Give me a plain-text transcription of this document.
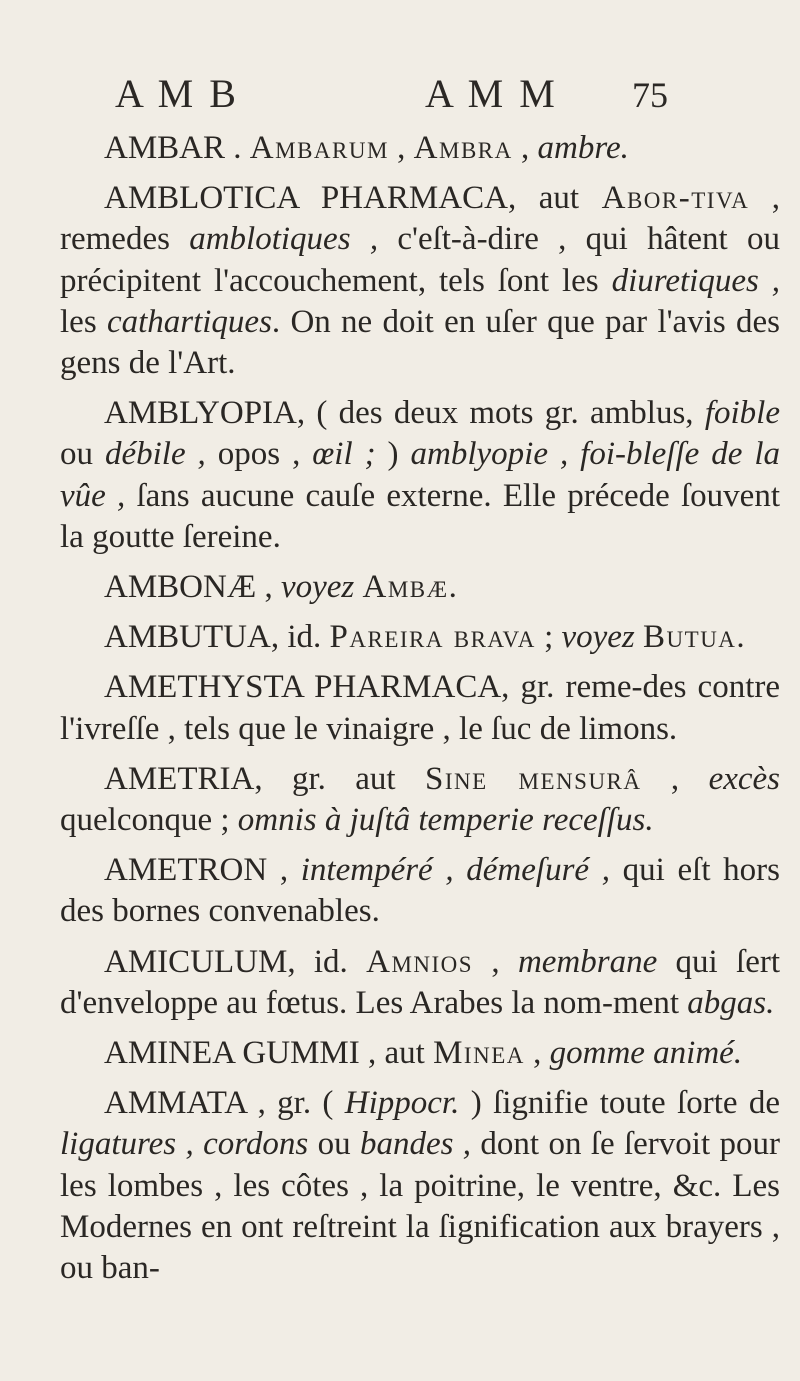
A M B	A M M 75

AMBAR . Ambarum , Ambra , ambre.

AMBLOTICA PHARMACA, aut Abor-tiva , remedes amblotiques , c'eſt-à-dire , qui hâtent ou précipitent l'accouchement, tels ſont les diuretiques , les cathartiques. On ne doit en uſer que par l'avis des gens de l'Art.

AMBLYOPIA, ( des deux mots gr. amblus, foible ou débile , opos , œil ; ) amblyopie , foi-bleſſe de la vûe , ſans aucune cauſe externe. Elle précede ſouvent la goutte ſereine.

AMBONÆ , voyez Ambæ.

AMBUTUA, id. Pareira brava ; voyez Butua.

AMETHYSTA PHARMACA, gr. reme-des contre l'ivreſſe , tels que le vinaigre , le ſuc de limons.

AMETRIA, gr. aut Sine mensurâ , excès quelconque ; omnis à juſtâ temperie receſſus.

AMETRON , intempéré , démeſuré , qui eſt hors des bornes convenables.

AMICULUM, id. Amnios , membrane qui ſert d'enveloppe au fœtus. Les Arabes la nom-ment abgas.

AMINEA GUMMI , aut Minea , gomme animé.

AMMATA , gr. ( Hippocr. ) ſignifie toute ſorte de ligatures , cordons ou bandes , dont on ſe ſervoit pour les lombes , les côtes , la poitrine, le ventre, &c. Les Modernes en ont reſtreint la ſignification aux brayers , ou ban-
